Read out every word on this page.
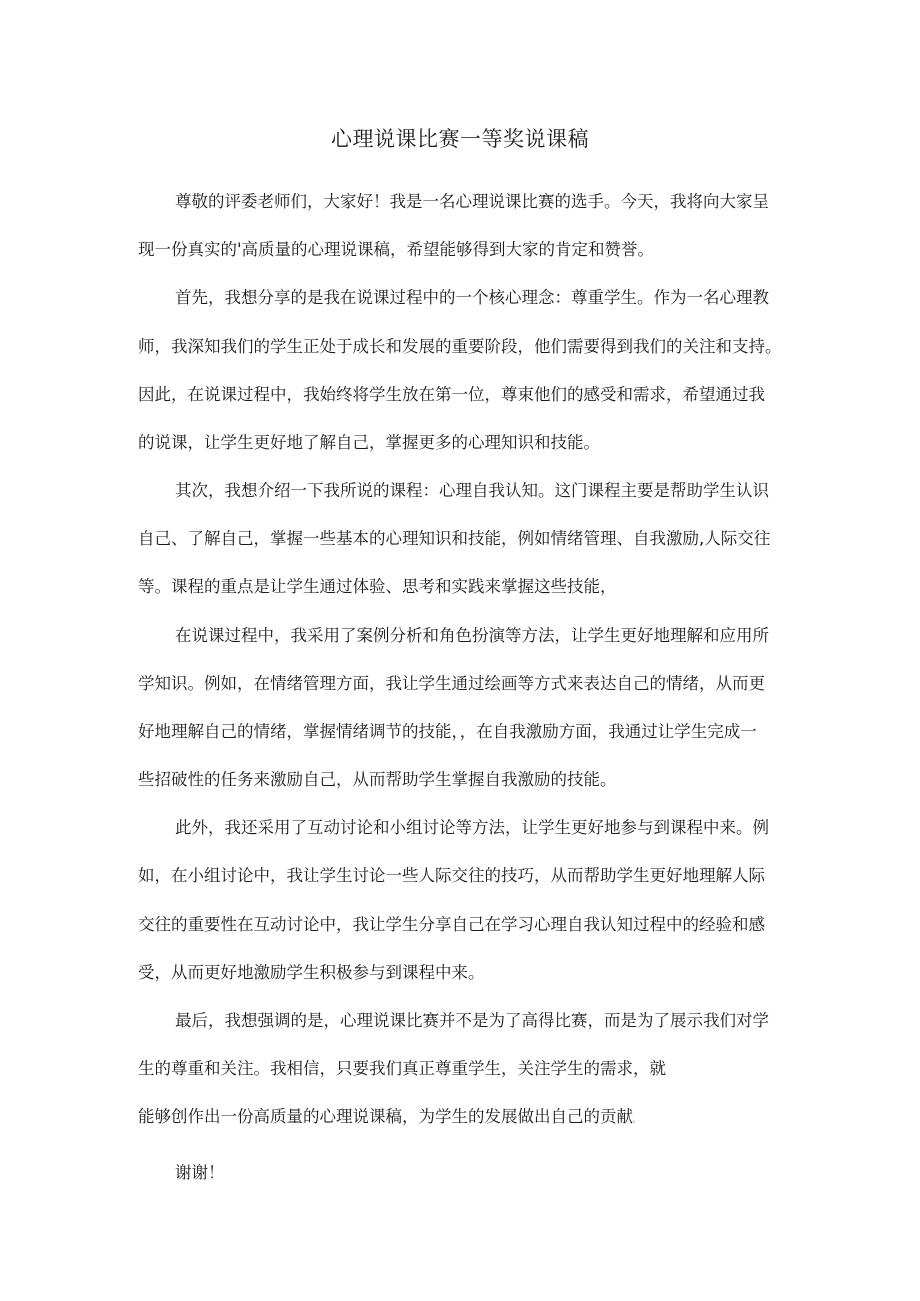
心理说课比赛一等奖说课稿

尊敬的评委老师们，大家好！我是一名心理说课比赛的选手。今天，我将向大家呈

现一份真实的'高质量的心理说课稿，希望能够得到大家的肯定和赞誉。

首先，我想分享的是我在说课过程中的一个核心理念：尊重学生。作为一名心理教

师，我深知我们的学生正处于成长和发展的重要阶段，他们需要得到我们的关注和支持。

因此，在说课过程中，我始终将学生放在第一位，尊束他们的感受和需求，希望通过我

的说课，让学生更好地了解自己，掌握更多的心理知识和技能。

其次，我想介绍一下我所说的课程：心理自我认知。这门课程主要是帮助学生认识

自己、了解自己，掌握一些基本的心理知识和技能，例如情绪管理、自我激励,人际交往

等。课程的重点是让学生通过体验、思考和实践来掌握这些技能，

在说课过程中，我采用了案例分析和角色扮演等方法，让学生更好地理解和应用所

学知识。例如，在情绪管理方面，我让学生通过绘画等方式来表达自己的情绪，从而更

好地理解自己的情绪，掌握情绪调节的技能，，在自我激励方面，我通过让学生完成一

些招破性的任务来激励自己，从而帮助学生掌握自我激励的技能。

此外，我还采用了互动讨论和小组讨论等方法，让学生更好地参与到课程中来。例

如，在小组讨论中，我让学生讨论一些人际交往的技巧，从而帮助学生更好地理解人际

交往的重要性在互动讨论中，我让学生分享自己在学习心理自我认知过程中的经验和感

受，从而更好地激励学生积极参与到课程中来。

最后，我想强调的是，心理说课比赛并不是为了高得比赛，而是为了展示我们对学

生的尊重和关注。我相信，只要我们真正尊重学生，关注学生的需求，就

能够创作出一份高质量的心理说课稿，为学生的发展做出自己的贡献。

谢谢！
